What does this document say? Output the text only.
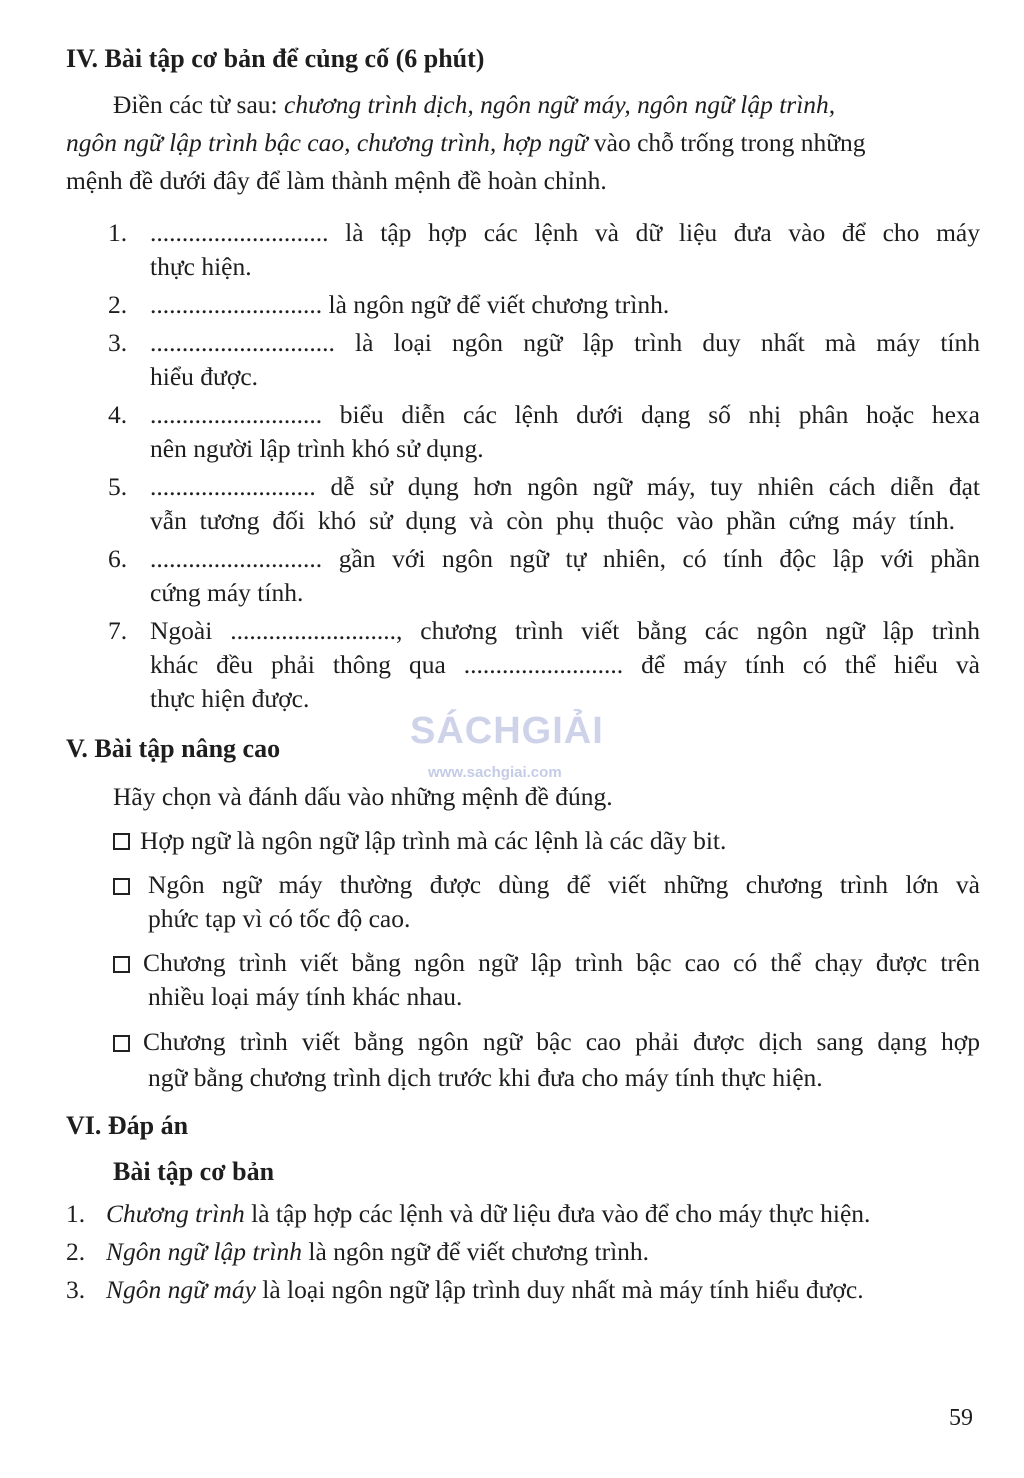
IV. Bài tập cơ bản để củng cố (6 phút)
Điền các từ sau: chương trình dịch, ngôn ngữ máy, ngôn ngữ lập trình,
ngôn ngữ lập trình bậc cao, chương trình, hợp ngữ vào chỗ trống trong những
mệnh đề dưới đây để làm thành mệnh đề hoàn chỉnh.
1. ............................ là tập hợp các lệnh và dữ liệu đưa vào để cho máy
thực hiện.
2. ........................... là ngôn ngữ để viết chương trình.
3. ............................. là loại ngôn ngữ lập trình duy nhất mà máy tính
hiểu được.
4. ........................... biểu diễn các lệnh dưới dạng số nhị phân hoặc hexa
nên người lập trình khó sử dụng.
5. .......................... dễ sử dụng hơn ngôn ngữ máy, tuy nhiên cách diễn đạt
vẫn tương đối khó sử dụng và còn phụ thuộc vào phần cứng máy tính.
6. ........................... gần với ngôn ngữ tự nhiên, có tính độc lập với phần
cứng máy tính.
7. Ngoài .........................., chương trình viết bằng các ngôn ngữ lập trình
khác đều phải thông qua ......................... để máy tính có thể hiểu và
thực hiện được.
SÁCHGIẢI
www.sachgiai.com
V. Bài tập nâng cao
Hãy chọn và đánh dấu vào những mệnh đề đúng.
Hợp ngữ là ngôn ngữ lập trình mà các lệnh là các dãy bit.
Ngôn ngữ máy thường được dùng để viết những chương trình lớn và
phức tạp vì có tốc độ cao.
Chương trình viết bằng ngôn ngữ lập trình bậc cao có thể chạy được trên
nhiều loại máy tính khác nhau.
Chương trình viết bằng ngôn ngữ bậc cao phải được dịch sang dạng hợp
ngữ bằng chương trình dịch trước khi đưa cho máy tính thực hiện.
VI. Đáp án
Bài tập cơ bản
1. Chương trình là tập hợp các lệnh và dữ liệu đưa vào để cho máy thực hiện.
2. Ngôn ngữ lập trình là ngôn ngữ để viết chương trình.
3. Ngôn ngữ máy là loại ngôn ngữ lập trình duy nhất mà máy tính hiểu được.
59
